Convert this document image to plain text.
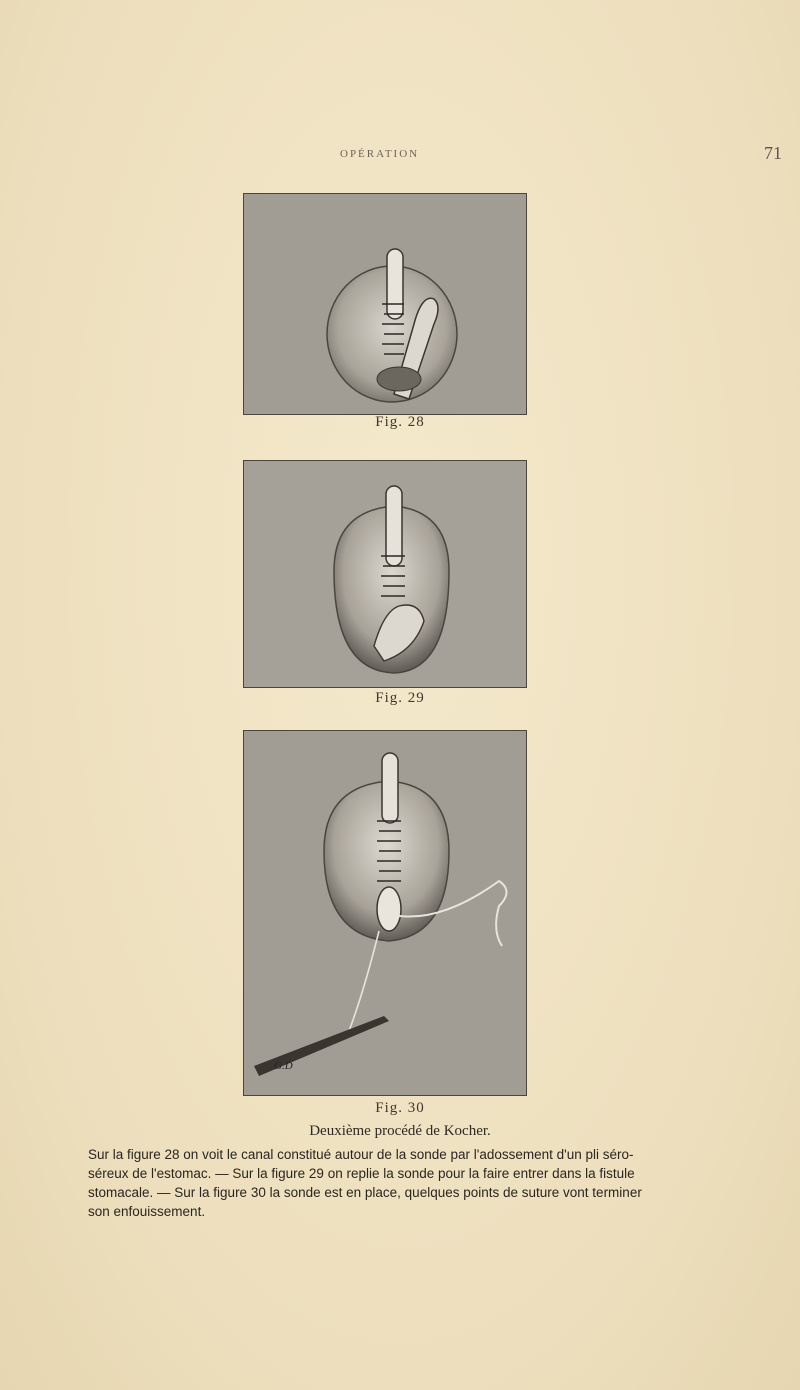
OPÉRATION	71
Fig. 28
Fig. 29
G.D
Fig. 30
Deuxième procédé de Kocher.
Sur la figure 28 on voit le canal constitué autour de la sonde par l'adossement d'un pli séro-
séreux de l'estomac. — Sur la figure 29 on replie la sonde pour la faire entrer dans la fistule
stomacale. — Sur la figure 30 la sonde est en place, quelques points de suture vont terminer
son enfouissement.
